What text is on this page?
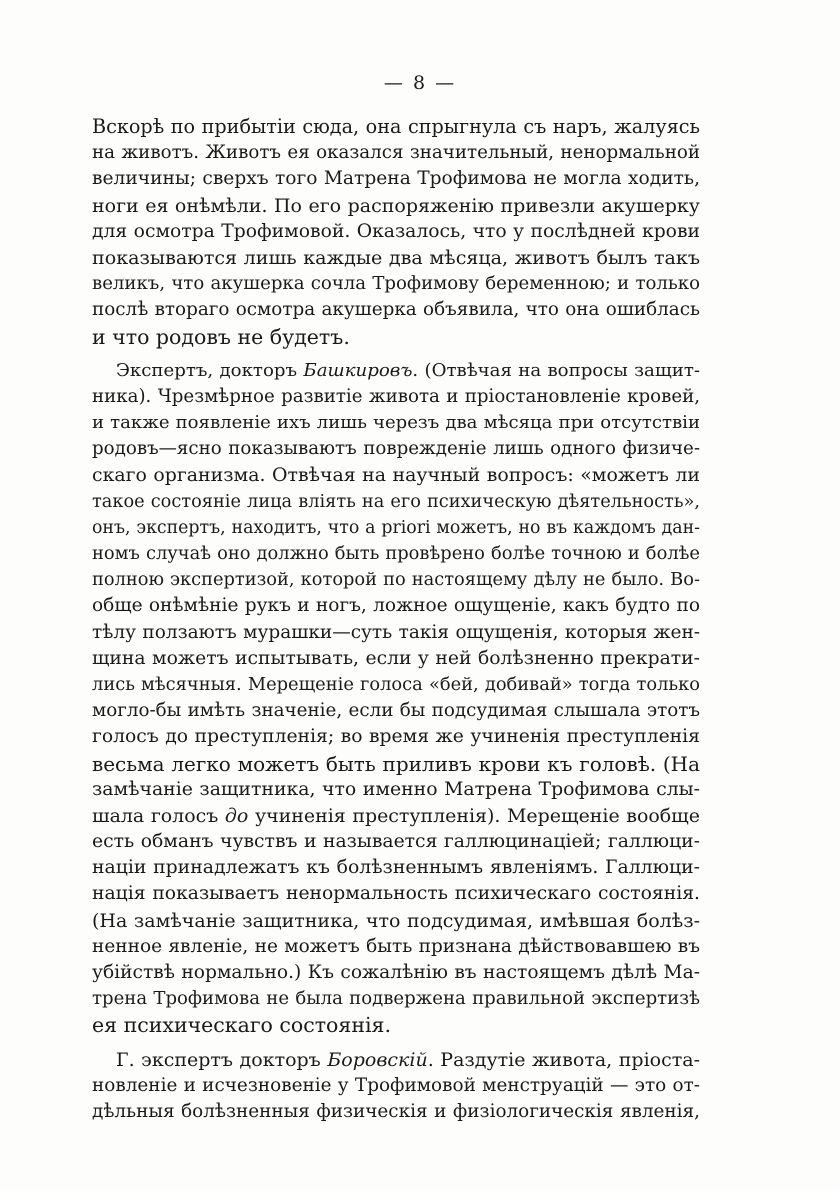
— 8 —
Вскорѣ по прибытіи сюда, она спрыгнула съ наръ, жалуясь
на животъ. Животъ ея оказался значительный, ненормальной
величины; сверхъ того Матрена Трофимова не могла ходить,
ноги ея онѣмѣли. По его распоряженію привезли акушерку
для осмотра Трофимовой. Оказалось, что у послѣдней крови
показываются лишь каждые два мѣсяца, животъ былъ такъ
великъ, что акушерка сочла Трофимову беременною; и только
послѣ втораго осмотра акушерка объявила, что она ошиблась
и что родовъ не будетъ.
Экспертъ, докторъ Башкировъ. (Отвѣчая на вопросы защит-
ника). Чрезмѣрное развитіе живота и пріостановленіе кровей,
и также появленіе ихъ лишь черезъ два мѣсяца при отсутствіи
родовъ—ясно показываютъ поврежденіе лишь одного физиче-
скаго организма. Отвѣчая на научный вопросъ: «можетъ ли
такое состояніе лица вліять на его психическую дѣятельность»,
онъ, экспертъ, находитъ, что a priori можетъ, но въ каждомъ дан-
номъ случаѣ оно должно быть провѣрено болѣе точною и болѣе
полною экспертизой, которой по настоящему дѣлу не было. Во-
обще онѣмѣніе рукъ и ногъ, ложное ощущеніе, какъ будто по
тѣлу ползаютъ мурашки—суть такія ощущенія, которыя жен-
щина можетъ испытывать, если у ней болѣзненно прекрати-
лись мѣсячныя. Мерещеніе голоса «бей, добивай» тогда только
могло-бы имѣть значеніе, если бы подсудимая слышала этотъ
голосъ до преступленія; во время же учиненія преступленія
весьма легко можетъ быть приливъ крови къ головѣ. (На
замѣчаніе защитника, что именно Матрена Трофимова слы-
шала голосъ до учиненія преступленія). Мерещеніе вообще
есть обманъ чувствъ и называется галлюцинаціей; галлюци-
націи принадлежатъ къ болѣзненнымъ явленіямъ. Галлюци-
нація показываетъ ненормальность психическаго состоянія.
(На замѣчаніе защитника, что подсудимая, имѣвшая болѣз-
ненное явленіе, не можетъ быть признана дѣйствовавшею въ
убійствѣ нормально.) Къ сожалѣнію въ настоящемъ дѣлѣ Ма-
трена Трофимова не была подвержена правильной экспертизѣ
ея психическаго состоянія.
Г. экспертъ докторъ Боровскій. Раздутіе живота, пріоста-
новленіе и исчезновеніе у Трофимовой менструацій — это от-
дѣльныя болѣзненныя физическія и физіологическія явленія,
